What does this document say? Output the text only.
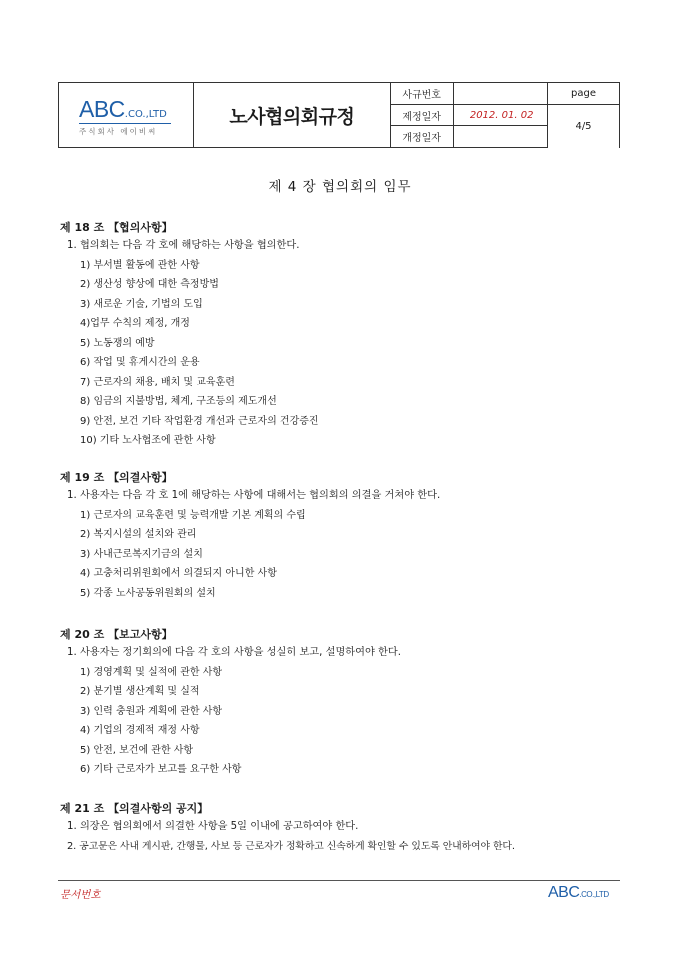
ABC.CO.,LTD
주식회사 에이비씨
노사협의회규정
사규번호
제정일자	2012. 01. 02
개정일자
page
4/5
제 4 장 협의회의 임무
제 18 조 【협의사항】
1. 협의회는 다음 각 호에 해당하는 사항을 협의한다.
1) 부서별 활동에 관한 사항
2) 생산성 향상에 대한 측정방법
3) 새로운 기술, 기법의 도입
4)업무 수칙의 제정, 개정
5) 노동쟁의 예방
6) 작업 및 휴게시간의 운용
7) 근로자의 채용, 배치 및 교육훈련
8) 임금의 지불방법, 체계, 구조등의 제도개선
9) 안전, 보건 기타 작업환경 개선과 근로자의 건강증진
10) 기타 노사협조에 관한 사항
제 19 조 【의결사항】
1. 사용자는 다음 각 호 1에 해당하는 사항에 대해서는 협의회의 의결을 거쳐야 한다.
1) 근로자의 교육훈련 및 능력개발 기본 계획의 수립
2) 복지시설의 설치와 관리
3) 사내근로복지기금의 설치
4) 고충처리위원회에서 의결되지 아니한 사항
5) 각종 노사공동위원회의 설치
제 20 조 【보고사항】
1. 사용자는 정기회의에 다음 각 호의 사항을 성실히 보고, 설명하여야 한다.
1) 경영계획 및 실적에 관한 사항
2) 분기별 생산계획 및 실적
3) 인력 충원과 계획에 관한 사항
4) 기업의 경제적 재정 사항
5) 안전, 보건에 관한 사항
6) 기타 근로자가 보고를 요구한 사항
제 21 조 【의결사항의 공지】
1. 의장은 협의회에서 의결한 사항을 5일 이내에 공고하여야 한다.
2. 공고문은 사내 게시판, 간행물, 사보 등 근로자가 정확하고 신속하게 확인할 수 있도록 안내하여야 한다.
문서번호	ABC.CO.,LTD
